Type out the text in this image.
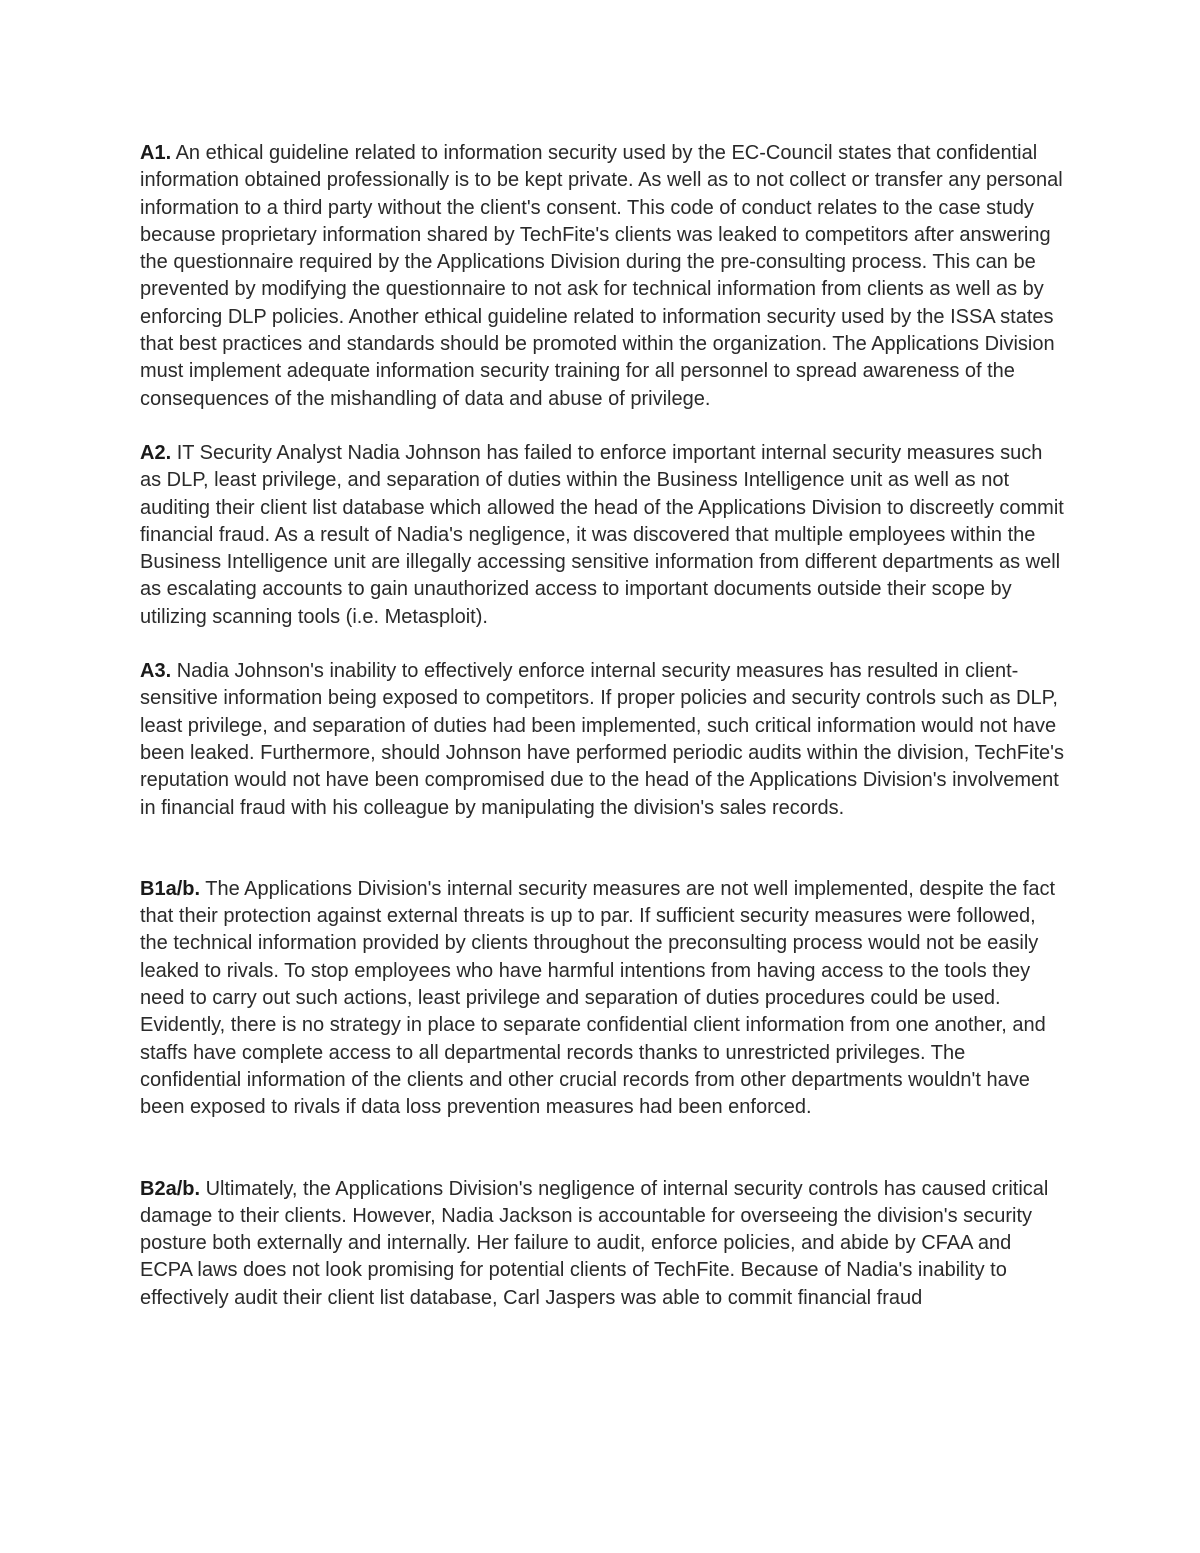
A1. An ethical guideline related to information security used by the EC-Council states that confidential information obtained professionally is to be kept private. As well as to not collect or transfer any personal information to a third party without the client's consent. This code of conduct relates to the case study because proprietary information shared by TechFite's clients was leaked to competitors after answering the questionnaire required by the Applications Division during the pre-consulting process. This can be prevented by modifying the questionnaire to not ask for technical information from clients as well as by enforcing DLP policies. Another ethical guideline related to information security used by the ISSA states that best practices and standards should be promoted within the organization. The Applications Division must implement adequate information security training for all personnel to spread awareness of the consequences of the mishandling of data and abuse of privilege.

A2. IT Security Analyst Nadia Johnson has failed to enforce important internal security measures such as DLP, least privilege, and separation of duties within the Business Intelligence unit as well as not auditing their client list database which allowed the head of the Applications Division to discreetly commit financial fraud. As a result of Nadia's negligence, it was discovered that multiple employees within the Business Intelligence unit are illegally accessing sensitive information from different departments as well as escalating accounts to gain unauthorized access to important documents outside their scope by utilizing scanning tools (i.e. Metasploit).

A3. Nadia Johnson's inability to effectively enforce internal security measures has resulted in client-sensitive information being exposed to competitors. If proper policies and security controls such as DLP, least privilege, and separation of duties had been implemented, such critical information would not have been leaked. Furthermore, should Johnson have performed periodic audits within the division, TechFite's reputation would not have been compromised due to the head of the Applications Division's involvement in financial fraud with his colleague by manipulating the division's sales records.

B1a/b. The Applications Division's internal security measures are not well implemented, despite the fact that their protection against external threats is up to par. If sufficient security measures were followed, the technical information provided by clients throughout the preconsulting process would not be easily leaked to rivals. To stop employees who have harmful intentions from having access to the tools they need to carry out such actions, least privilege and separation of duties procedures could be used. Evidently, there is no strategy in place to separate confidential client information from one another, and staffs have complete access to all departmental records thanks to unrestricted privileges. The confidential information of the clients and other crucial records from other departments wouldn't have been exposed to rivals if data loss prevention measures had been enforced.

B2a/b. Ultimately, the Applications Division's negligence of internal security controls has caused critical damage to their clients. However, Nadia Jackson is accountable for overseeing the division's security posture both externally and internally. Her failure to audit, enforce policies, and abide by CFAA and ECPA laws does not look promising for potential clients of TechFite. Because of Nadia's inability to effectively audit their client list database, Carl Jaspers was able to commit financial fraud
